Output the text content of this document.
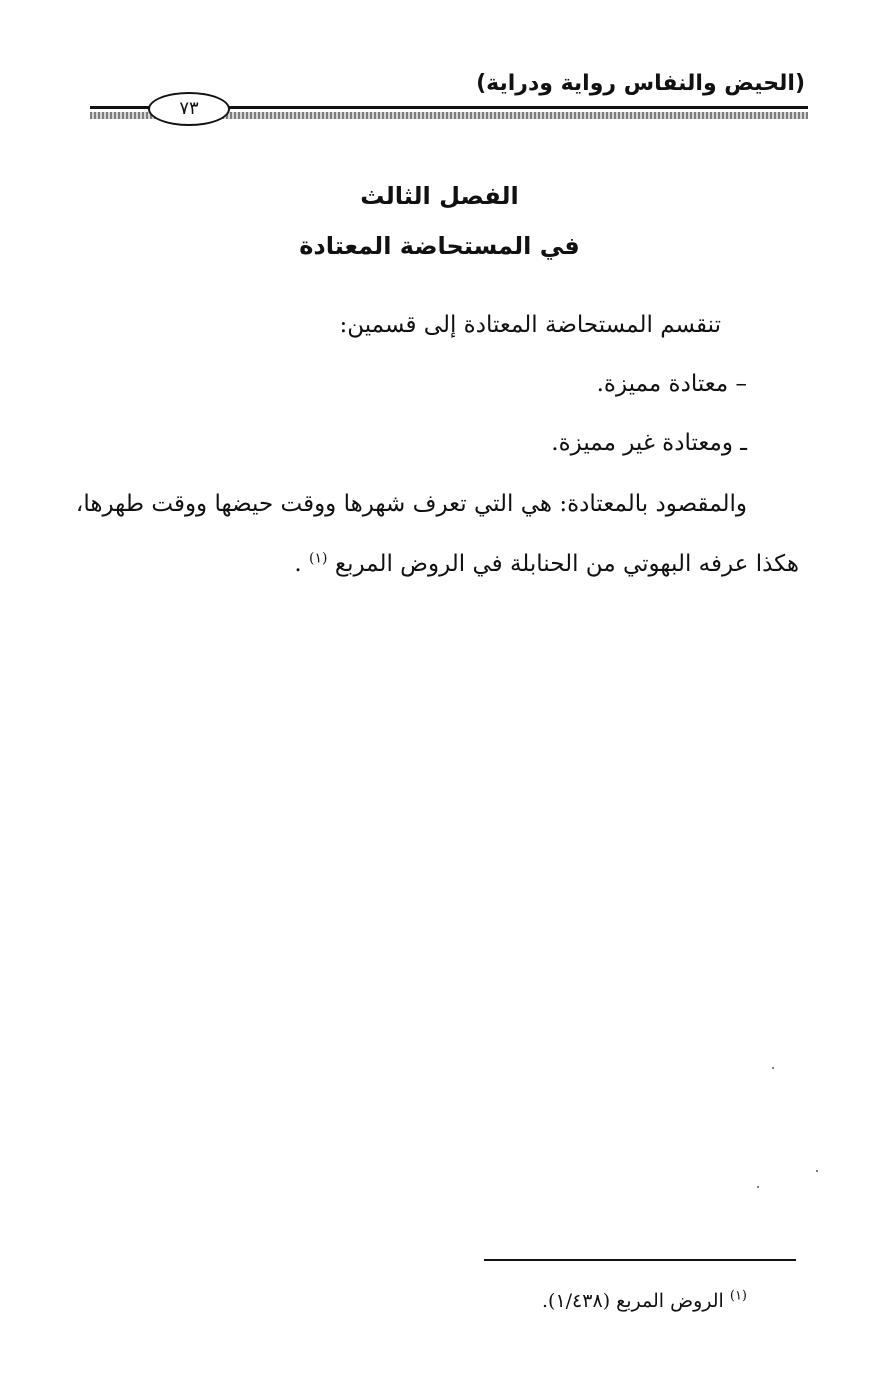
(الحيض والنفاس رواية ودراية)
٧٣
الفصل الثالث
في المستحاضة المعتادة
تنقسم المستحاضة المعتادة إلى قسمين:
– معتادة مميزة.
ـ ومعتادة غير مميزة.
والمقصود بالمعتادة: هي التي تعرف شهرها ووقت حيضها ووقت طهرها،
هكذا عرفه البهوتي من الحنابلة في الروض المربع $^{(١)}$ .
$^{(١)}$ الروض المربع (١/٤٣٨).
